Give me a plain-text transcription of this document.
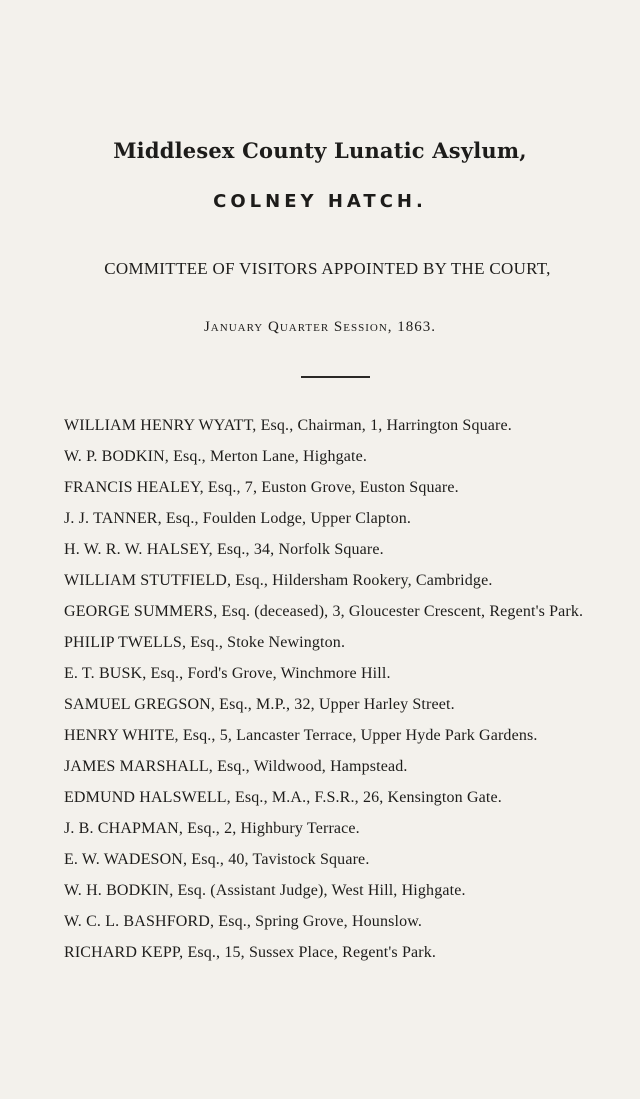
Middlesex County Lunatic Asylum,
COLNEY HATCH.
COMMITTEE OF VISITORS APPOINTED BY THE COURT,
January Quarter Session, 1863.
WILLIAM HENRY WYATT, Esq., Chairman, 1, Harrington Square.
W. P. BODKIN, Esq., Merton Lane, Highgate.
FRANCIS HEALEY, Esq., 7, Euston Grove, Euston Square.
J. J. TANNER, Esq., Foulden Lodge, Upper Clapton.
H. W. R. W. HALSEY, Esq., 34, Norfolk Square.
WILLIAM STUTFIELD, Esq., Hildersham Rookery, Cambridge.
GEORGE SUMMERS, Esq. (deceased), 3, Gloucester Crescent, Regent's Park.
PHILIP TWELLS, Esq., Stoke Newington.
E. T. BUSK, Esq., Ford's Grove, Winchmore Hill.
SAMUEL GREGSON, Esq., M.P., 32, Upper Harley Street.
HENRY WHITE, Esq., 5, Lancaster Terrace, Upper Hyde Park Gardens.
JAMES MARSHALL, Esq., Wildwood, Hampstead.
EDMUND HALSWELL, Esq., M.A., F.S.R., 26, Kensington Gate.
J. B. CHAPMAN, Esq., 2, Highbury Terrace.
E. W. WADESON, Esq., 40, Tavistock Square.
W. H. BODKIN, Esq. (Assistant Judge), West Hill, Highgate.
W. C. L. BASHFORD, Esq., Spring Grove, Hounslow.
RICHARD KEPP, Esq., 15, Sussex Place, Regent's Park.
